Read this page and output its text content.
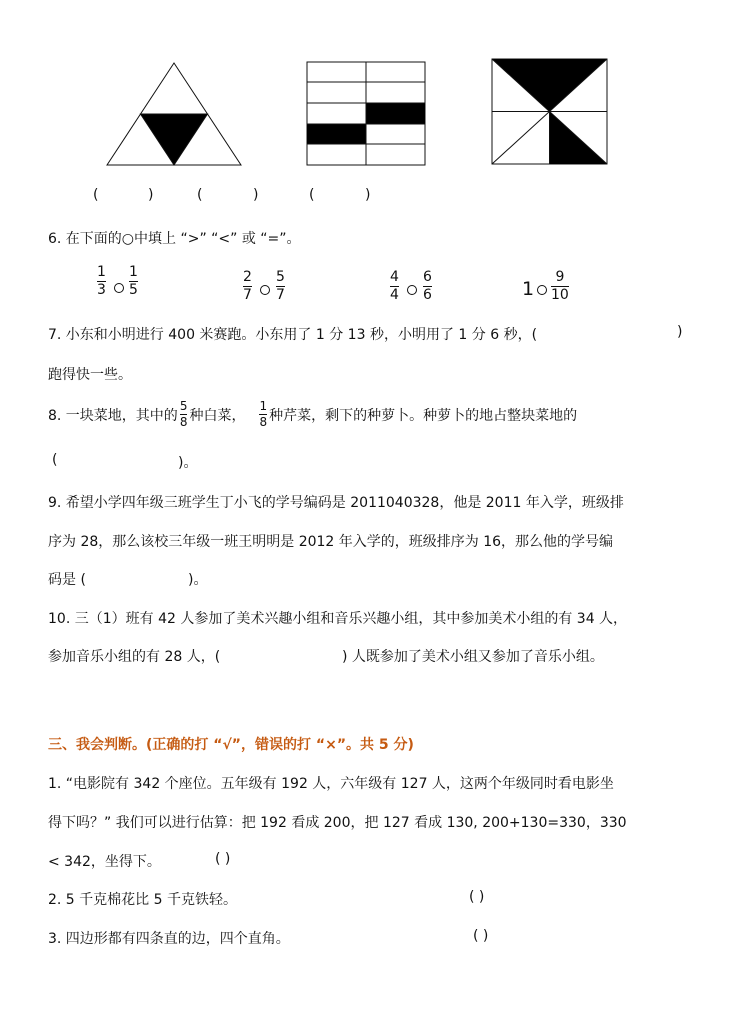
(	)	(	)	(	)
6. 在下面的○中填上 “>” “<” 或 “=”。
1
3
1
5
2
7
5
7
4
4
6
6	1
9
10
7. 小东和小明进行 400 米赛跑。小东用了 1 分 13 秒，小明用了 1 分 6 秒，(	)
跑得快一些。
8. 一块菜地，其中的 $\frac{5}{8}$ 种白菜， $\frac{1}{8}$ 种芹菜，剩下的种萝卜。种萝卜的地占整块菜地的
(	)。
9. 希望小学四年级三班学生丁小飞的学号编码是 2011040328，他是 2011 年入学，班级排
序为 28，那么该校三年级一班王明明是 2012 年入学的，班级排序为 16，那么他的学号编
码是 (	)。
10. 三（1）班有 42 人参加了美术兴趣小组和音乐兴趣小组，其中参加美术小组的有 34 人，
参加音乐小组的有 28 人，(	) 人既参加了美术小组又参加了音乐小组。
三、我会判断。(正确的打 “√”，错误的打 “×”。共 5 分)
1. “电影院有 342 个座位。五年级有 192 人，六年级有 127 人，这两个年级同时看电影坐
得下吗？” 我们可以进行估算：把 192 看成 200，把 127 看成 130, 200+130=330，330
< 342，坐得下。	( )
2. 5 千克棉花比 5 千克铁轻。	( )
3. 四边形都有四条直的边，四个直角。	( )
